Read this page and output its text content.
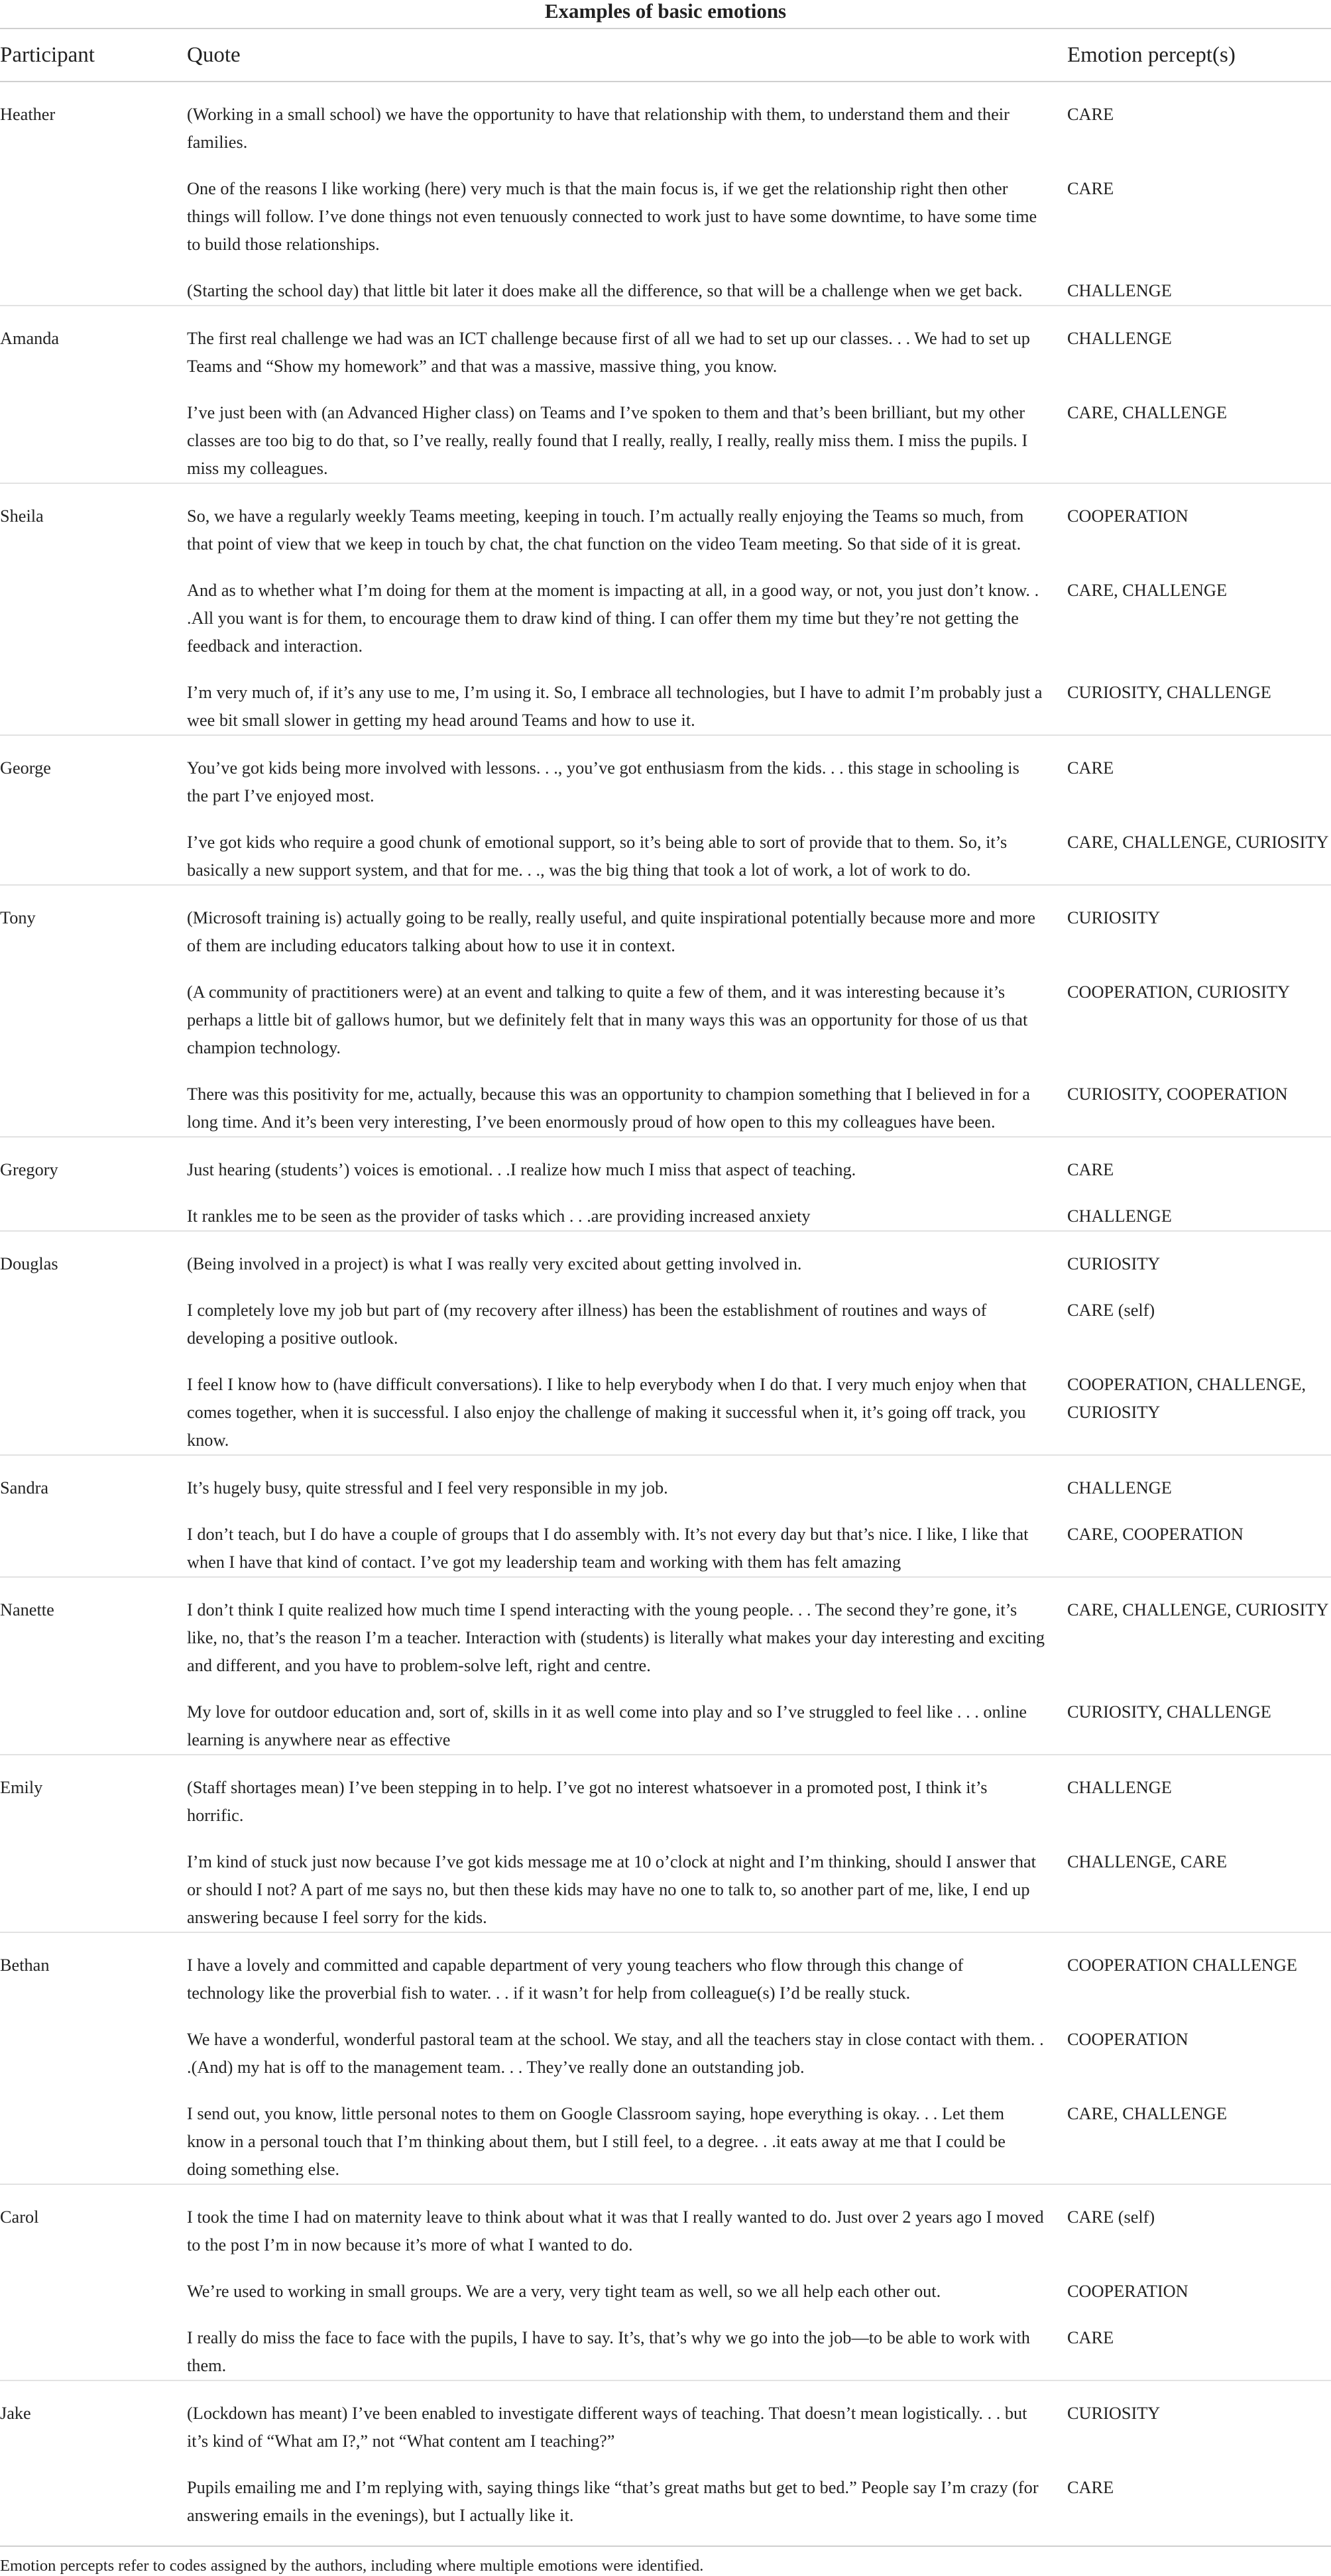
Examples of basic emotions
Participant	Quote	Emotion percept(s)
Heather	(Working in a small school) we have the opportunity to have that relationship with them, to understand them and their families.	CARE
	One of the reasons I like working (here) very much is that the main focus is, if we get the relationship right then other things will follow. I’ve done things not even tenuously connected to work just to have some downtime, to have some time to build those relationships.	CARE
	(Starting the school day) that little bit later it does make all the difference, so that will be a challenge when we get back.	CHALLENGE
Amanda	The first real challenge we had was an ICT challenge because first of all we had to set up our classes. . . We had to set up Teams and “Show my homework” and that was a massive, massive thing, you know.	CHALLENGE
	I’ve just been with (an Advanced Higher class) on Teams and I’ve spoken to them and that’s been brilliant, but my other classes are too big to do that, so I’ve really, really found that I really, really, I really, really miss them. I miss the pupils. I miss my colleagues.	CARE, CHALLENGE
Sheila	So, we have a regularly weekly Teams meeting, keeping in touch. I’m actually really enjoying the Teams so much, from that point of view that we keep in touch by chat, the chat function on the video Team meeting. So that side of it is great.	COOPERATION
	And as to whether what I’m doing for them at the moment is impacting at all, in a good way, or not, you just don’t know. . .All you want is for them, to encourage them to draw kind of thing. I can offer them my time but they’re not getting the feedback and interaction.	CARE, CHALLENGE
	I’m very much of, if it’s any use to me, I’m using it. So, I embrace all technologies, but I have to admit I’m probably just a wee bit small slower in getting my head around Teams and how to use it.	CURIOSITY, CHALLENGE
George	You’ve got kids being more involved with lessons. . ., you’ve got enthusiasm from the kids. . . this stage in schooling is the part I’ve enjoyed most.	CARE
	I’ve got kids who require a good chunk of emotional support, so it’s being able to sort of provide that to them. So, it’s basically a new support system, and that for me. . ., was the big thing that took a lot of work, a lot of work to do.	CARE, CHALLENGE, CURIOSITY
Tony	(Microsoft training is) actually going to be really, really useful, and quite inspirational potentially because more and more of them are including educators talking about how to use it in context.	CURIOSITY
	(A community of practitioners were) at an event and talking to quite a few of them, and it was interesting because it’s perhaps a little bit of gallows humor, but we definitely felt that in many ways this was an opportunity for those of us that champion technology.	COOPERATION, CURIOSITY
	There was this positivity for me, actually, because this was an opportunity to champion something that I believed in for a long time. And it’s been very interesting, I’ve been enormously proud of how open to this my colleagues have been.	CURIOSITY, COOPERATION
Gregory	Just hearing (students’) voices is emotional. . .I realize how much I miss that aspect of teaching.	CARE
	It rankles me to be seen as the provider of tasks which . . .are providing increased anxiety	CHALLENGE
Douglas	(Being involved in a project) is what I was really very excited about getting involved in.	CURIOSITY
	I completely love my job but part of (my recovery after illness) has been the establishment of routines and ways of developing a positive outlook.	CARE (self)
	I feel I know how to (have difficult conversations). I like to help everybody when I do that. I very much enjoy when that comes together, when it is successful. I also enjoy the challenge of making it successful when it, it’s going off track, you know.	COOPERATION, CHALLENGE, CURIOSITY
Sandra	It’s hugely busy, quite stressful and I feel very responsible in my job.	CHALLENGE
	I don’t teach, but I do have a couple of groups that I do assembly with. It’s not every day but that’s nice. I like, I like that when I have that kind of contact. I’ve got my leadership team and working with them has felt amazing	CARE, COOPERATION
Nanette	I don’t think I quite realized how much time I spend interacting with the young people. . . The second they’re gone, it’s like, no, that’s the reason I’m a teacher. Interaction with (students) is literally what makes your day interesting and exciting and different, and you have to problem-solve left, right and centre.	CARE, CHALLENGE, CURIOSITY
	My love for outdoor education and, sort of, skills in it as well come into play and so I’ve struggled to feel like . . . online learning is anywhere near as effective	CURIOSITY, CHALLENGE
Emily	(Staff shortages mean) I’ve been stepping in to help. I’ve got no interest whatsoever in a promoted post, I think it’s horrific.	CHALLENGE
	I’m kind of stuck just now because I’ve got kids message me at 10 o’clock at night and I’m thinking, should I answer that or should I not? A part of me says no, but then these kids may have no one to talk to, so another part of me, like, I end up answering because I feel sorry for the kids.	CHALLENGE, CARE
Bethan	I have a lovely and committed and capable department of very young teachers who flow through this change of technology like the proverbial fish to water. . . if it wasn’t for help from colleague(s) I’d be really stuck.	COOPERATION CHALLENGE
	We have a wonderful, wonderful pastoral team at the school. We stay, and all the teachers stay in close contact with them. . .(And) my hat is off to the management team. . . They’ve really done an outstanding job.	COOPERATION
	I send out, you know, little personal notes to them on Google Classroom saying, hope everything is okay. . . Let them know in a personal touch that I’m thinking about them, but I still feel, to a degree. . .it eats away at me that I could be doing something else.	CARE, CHALLENGE
Carol	I took the time I had on maternity leave to think about what it was that I really wanted to do. Just over 2 years ago I moved to the post I’m in now because it’s more of what I wanted to do.	CARE (self)
	We’re used to working in small groups. We are a very, very tight team as well, so we all help each other out.	COOPERATION
	I really do miss the face to face with the pupils, I have to say. It’s, that’s why we go into the job—to be able to work with them.	CARE
Jake	(Lockdown has meant) I’ve been enabled to investigate different ways of teaching. That doesn’t mean logistically. . . but it’s kind of “What am I?,” not “What content am I teaching?”	CURIOSITY
	Pupils emailing me and I’m replying with, saying things like “that’s great maths but get to bed.” People say I’m crazy (for answering emails in the evenings), but I actually like it.	CARE
Emotion percepts refer to codes assigned by the authors, including where multiple emotions were identified.
